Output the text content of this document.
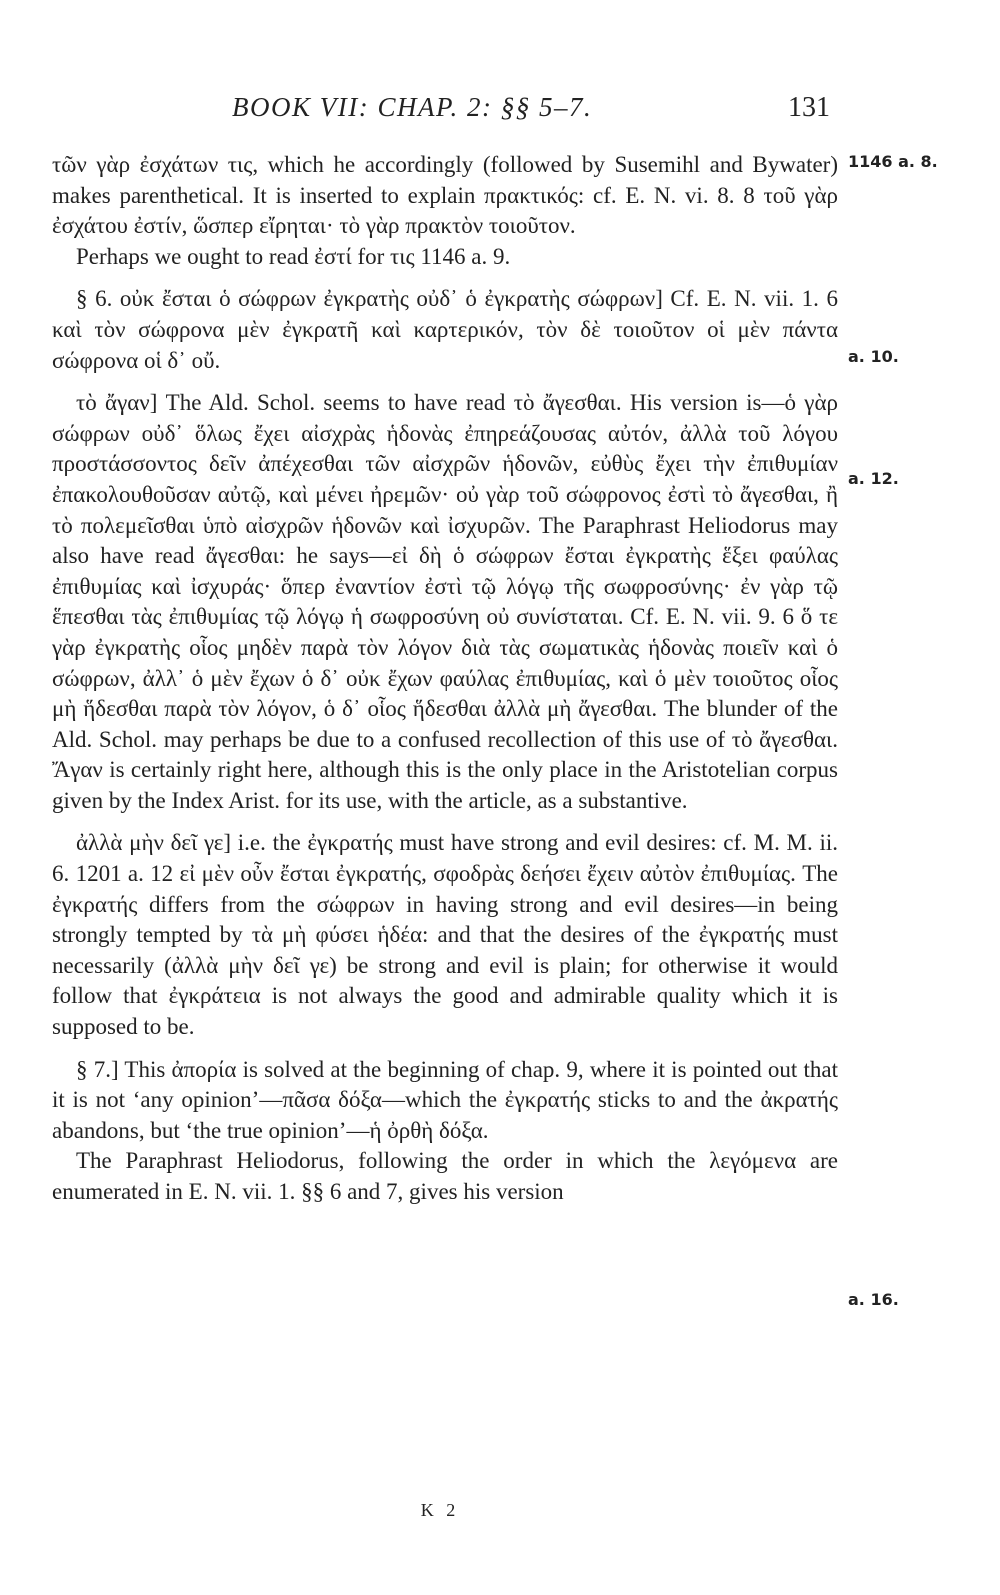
BOOK VII: CHAP. 2: §§ 5–7.	131
1146 a. 8.
a. 10.
a. 12.
a. 16.

τῶν γὰρ ἐσχάτων τις, which he accordingly (followed by Susemihl and Bywater) makes parenthetical. It is inserted to explain πρακτικός: cf. E. N. vi. 8. 8 τοῦ γὰρ ἐσχάτου ἐστίν, ὥσπερ εἴρηται· τὸ γὰρ πρακτὸν τοιοῦτον.

Perhaps we ought to read ἐστί for τις 1146 a. 9.

§ 6. οὐκ ἔσται ὁ σώφρων ἐγκρατὴς οὐδ᾽ ὁ ἐγκρατὴς σώφρων] Cf. E. N. vii. 1. 6 καὶ τὸν σώφρονα μὲν ἐγκρατῆ καὶ καρτερικόν, τὸν δὲ τοιοῦτον οἱ μὲν πάντα σώφρονα οἱ δ᾽ οὔ.

τὸ ἄγαν] The Ald. Schol. seems to have read τὸ ἄγεσθαι. His version is—ὁ γὰρ σώφρων οὐδ᾽ ὅλως ἔχει αἰσχρὰς ἡδονὰς ἐπηρεάζουσας αὐτόν, ἀλλὰ τοῦ λόγου προστάσσοντος δεῖν ἀπέχεσθαι τῶν αἰσχρῶν ἡδονῶν, εὐθὺς ἔχει τὴν ἐπιθυμίαν ἐπακολουθοῦσαν αὐτῷ, καὶ μένει ἠρεμῶν· οὐ γὰρ τοῦ σώφρονος ἐστὶ τὸ ἄγεσθαι, ἢ τὸ πολεμεῖσθαι ὑπὸ αἰσχρῶν ἡδονῶν καὶ ἰσχυρῶν. The Paraphrast Heliodorus may also have read ἄγεσθαι: he says—εἰ δὴ ὁ σώφρων ἔσται ἐγκρατὴς ἕξει φαύλας ἐπιθυμίας καὶ ἰσχυράς· ὅπερ ἐναντίον ἐστὶ τῷ λόγῳ τῆς σωφροσύνης· ἐν γὰρ τῷ ἕπεσθαι τὰς ἐπιθυμίας τῷ λόγῳ ἡ σωφροσύνη οὐ συνίσταται. Cf. E. N. vii. 9. 6 ὅ τε γὰρ ἐγκρατὴς οἷος μηδὲν παρὰ τὸν λόγον διὰ τὰς σωματικὰς ἡδονὰς ποιεῖν καὶ ὁ σώφρων, ἀλλ᾽ ὁ μὲν ἔχων ὁ δ᾽ οὐκ ἔχων φαύλας ἐπιθυμίας, καὶ ὁ μὲν τοιοῦτος οἷος μὴ ἥδεσθαι παρὰ τὸν λόγον, ὁ δ᾽ οἷος ἥδεσθαι ἀλλὰ μὴ ἄγεσθαι. The blunder of the Ald. Schol. may perhaps be due to a confused recollection of this use of τὸ ἄγεσθαι. Ἄγαν is certainly right here, although this is the only place in the Aristotelian corpus given by the Index Arist. for its use, with the article, as a substantive.

ἀλλὰ μὴν δεῖ γε] i.e. the ἐγκρατής must have strong and evil desires: cf. M. M. ii. 6. 1201 a. 12 εἰ μὲν οὖν ἔσται ἐγκρατής, σφοδρὰς δεήσει ἔχειν αὐτὸν ἐπιθυμίας. The ἐγκρατής differs from the σώφρων in having strong and evil desires—in being strongly tempted by τὰ μὴ φύσει ἡδέα: and that the desires of the ἐγκρατής must necessarily (ἀλλὰ μὴν δεῖ γε) be strong and evil is plain; for otherwise it would follow that ἐγκράτεια is not always the good and admirable quality which it is supposed to be.

§ 7.] This ἀπορία is solved at the beginning of chap. 9, where it is pointed out that it is not ‘any opinion’—πᾶσα δόξα—which the ἐγκρατής sticks to and the ἀκρατής abandons, but ‘the true opinion’—ἡ ὀρθὴ δόξα.

The Paraphrast Heliodorus, following the order in which the λεγόμενα are enumerated in E. N. vii. 1. §§ 6 and 7, gives his version

K 2
